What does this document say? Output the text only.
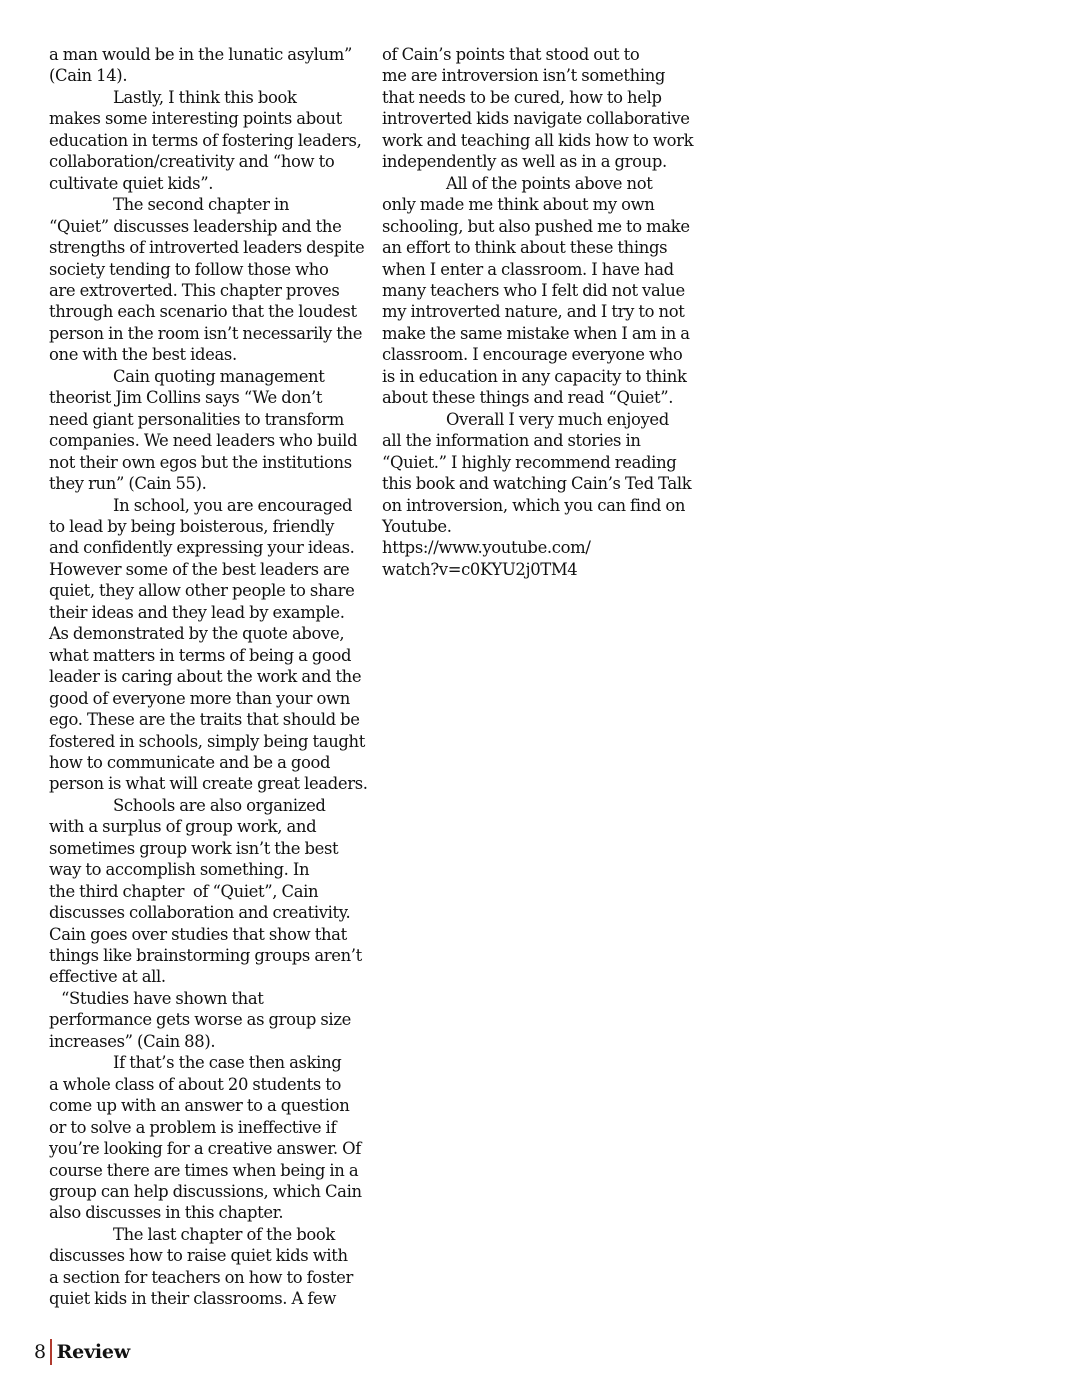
a man would be in the lunatic asylum”
(Cain 14).
Lastly, I think this book
makes some interesting points about
education in terms of fostering leaders,
collaboration/creativity and “how to
cultivate quiet kids”.
The second chapter in
“Quiet” discusses leadership and the
strengths of introverted leaders despite
society tending to follow those who
are extroverted. This chapter proves
through each scenario that the loudest
person in the room isn’t necessarily the
one with the best ideas.
Cain quoting management
theorist Jim Collins says “We don’t
need giant personalities to transform
companies. We need leaders who build
not their own egos but the institutions
they run” (Cain 55).
In school, you are encouraged
to lead by being boisterous, friendly
and confidently expressing your ideas.
However some of the best leaders are
quiet, they allow other people to share
their ideas and they lead by example.
As demonstrated by the quote above,
what matters in terms of being a good
leader is caring about the work and the
good of everyone more than your own
ego. These are the traits that should be
fostered in schools, simply being taught
how to communicate and be a good
person is what will create great leaders.
Schools are also organized
with a surplus of group work, and
sometimes group work isn’t the best
way to accomplish something. In
the third chapter  of “Quiet”, Cain
discusses collaboration and creativity.
Cain goes over studies that show that
things like brainstorming groups aren’t
effective at all.
“Studies have shown that
performance gets worse as group size
increases” (Cain 88).
If that’s the case then asking
a whole class of about 20 students to
come up with an answer to a question
or to solve a problem is ineffective if
you’re looking for a creative answer. Of
course there are times when being in a
group can help discussions, which Cain
also discusses in this chapter.
The last chapter of the book
discusses how to raise quiet kids with
a section for teachers on how to foster
quiet kids in their classrooms. A few
of Cain’s points that stood out to
me are introversion isn’t something
that needs to be cured, how to help
introverted kids navigate collaborative
work and teaching all kids how to work
independently as well as in a group.
All of the points above not
only made me think about my own
schooling, but also pushed me to make
an effort to think about these things
when I enter a classroom. I have had
many teachers who I felt did not value
my introverted nature, and I try to not
make the same mistake when I am in a
classroom. I encourage everyone who
is in education in any capacity to think
about these things and read “Quiet”.
Overall I very much enjoyed
all the information and stories in
“Quiet.” I highly recommend reading
this book and watching Cain’s Ted Talk
on introversion, which you can find on
Youtube.
https://www.youtube.com/
watch?v=c0KYU2j0TM4
8 Review
